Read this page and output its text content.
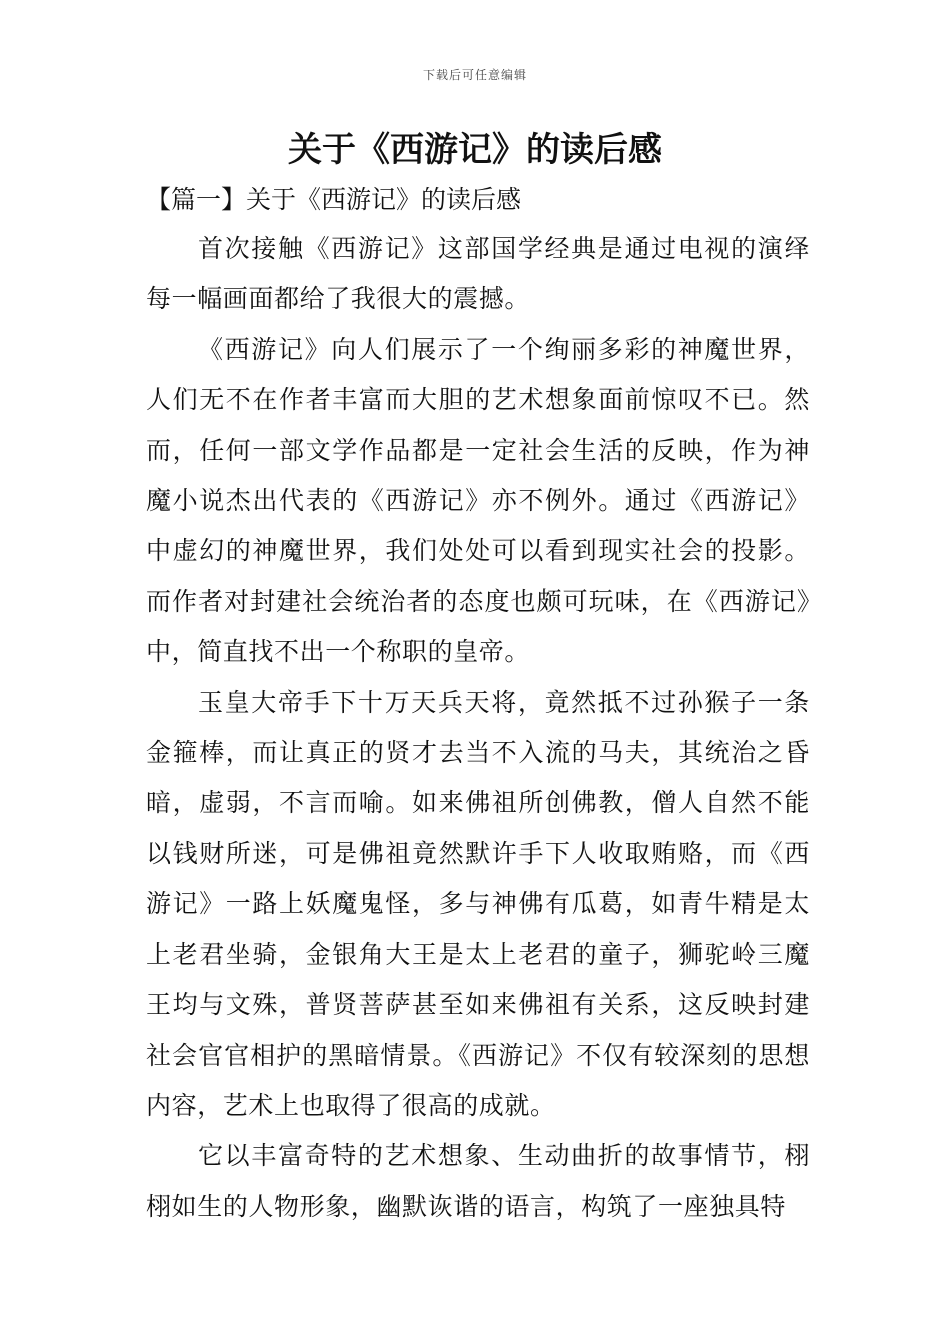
下载后可任意编辑
关于《西游记》的读后感
【篇一】关于《西游记》的读后感

首次接触《西游记》这部国学经典是通过电视的演绎每一幅画面都给了我很大的震撼。

《西游记》向人们展示了一个绚丽多彩的神魔世界，人们无不在作者丰富而大胆的艺术想象面前惊叹不已。然而，任何一部文学作品都是一定社会生活的反映，作为神魔小说杰出代表的《西游记》亦不例外。通过《西游记》中虚幻的神魔世界，我们处处可以看到现实社会的投影。而作者对封建社会统治者的态度也颇可玩味，在《西游记》中，简直找不出一个称职的皇帝。

玉皇大帝手下十万天兵天将，竟然抵不过孙猴子一条金箍棒，而让真正的贤才去当不入流的马夫，其统治之昏暗，虚弱，不言而喻。如来佛祖所创佛教，僧人自然不能以钱财所迷，可是佛祖竟然默许手下人收取贿赂，而《西游记》一路上妖魔鬼怪，多与神佛有瓜葛，如青牛精是太上老君坐骑，金银角大王是太上老君的童子，狮驼岭三魔王均与文殊，普贤菩萨甚至如来佛祖有关系，这反映封建社会官官相护的黑暗情景。《西游记》不仅有较深刻的思想内容，艺术上也取得了很高的成就。

它以丰富奇特的艺术想象、生动曲折的故事情节，栩栩如生的人物形象，幽默诙谐的语言，构筑了一座独具特
